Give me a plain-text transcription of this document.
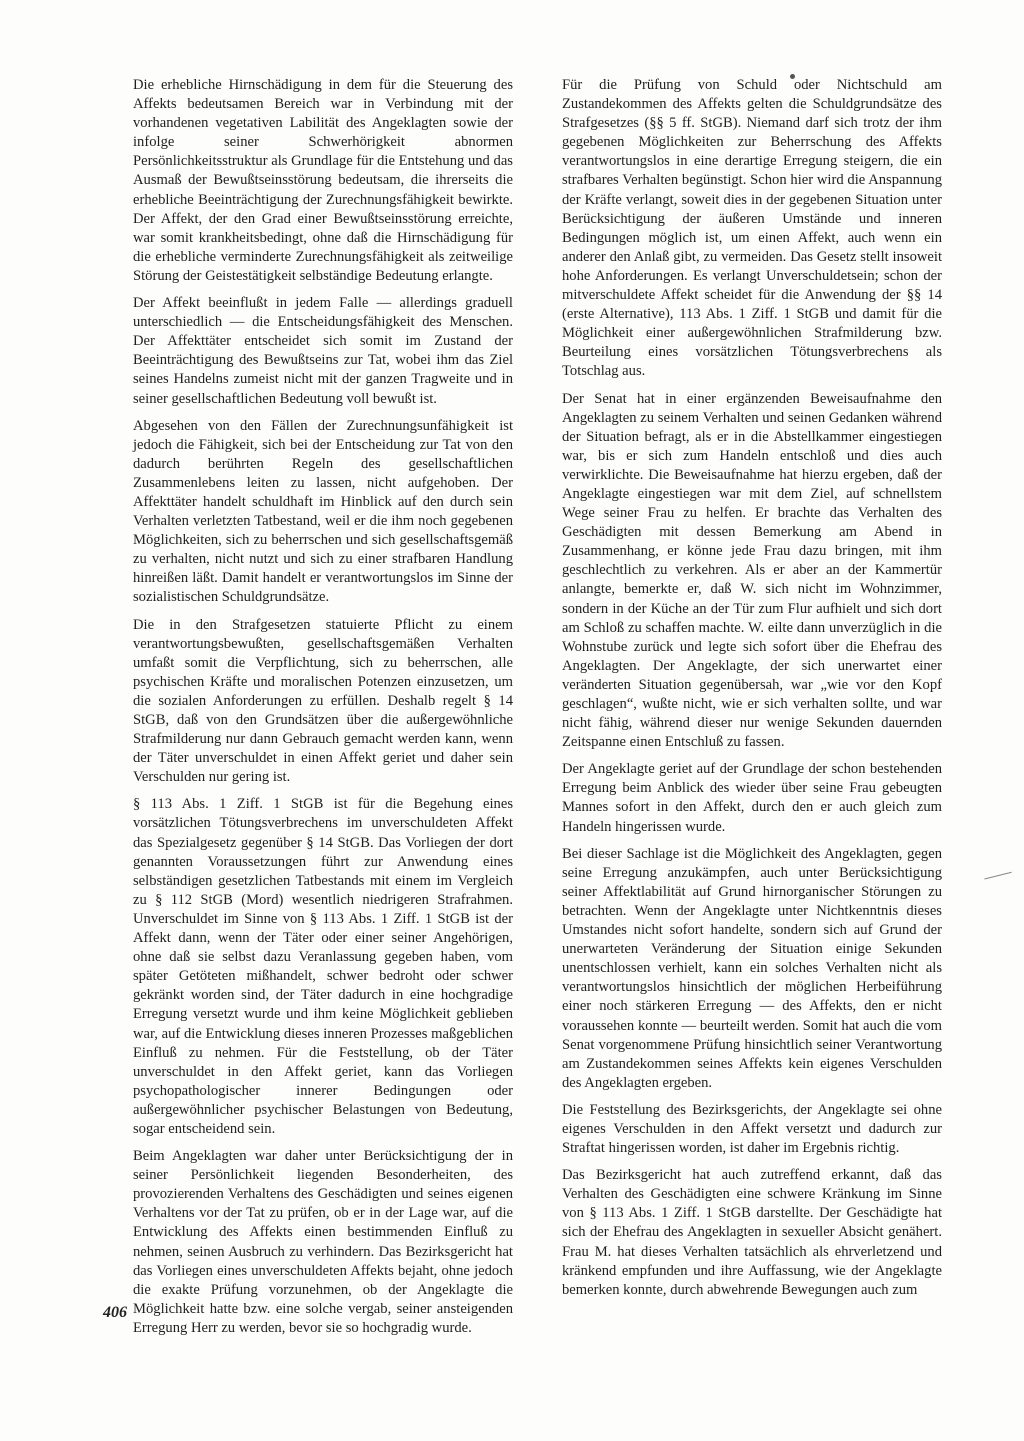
Die erhebliche Hirnschädigung in dem für die Steuerung des Affekts bedeutsamen Bereich war in Verbindung mit der vorhandenen vegetativen Labilität des Angeklagten sowie der infolge seiner Schwerhörigkeit abnormen Persönlichkeitsstruktur als Grundlage für die Entstehung und das Ausmaß der Bewußtseinsstörung bedeutsam, die ihrerseits die erhebliche Beeinträchtigung der Zurechnungsfähigkeit bewirkte. Der Affekt, der den Grad einer Bewußtseinsstörung erreichte, war somit krankheitsbedingt, ohne daß die Hirnschädigung für die erhebliche verminderte Zurechnungsfähigkeit als zeitweilige Störung der Geistestätigkeit selbständige Bedeutung erlangte.

Der Affekt beeinflußt in jedem Falle — allerdings graduell unterschiedlich — die Entscheidungsfähigkeit des Menschen. Der Affekttäter entscheidet sich somit im Zustand der Beeinträchtigung des Bewußtseins zur Tat, wobei ihm das Ziel seines Handelns zumeist nicht mit der ganzen Tragweite und in seiner gesellschaftlichen Bedeutung voll bewußt ist.

Abgesehen von den Fällen der Zurechnungsunfähigkeit ist jedoch die Fähigkeit, sich bei der Entscheidung zur Tat von den dadurch berührten Regeln des gesellschaftlichen Zusammenlebens leiten zu lassen, nicht aufgehoben. Der Affekttäter handelt schuldhaft im Hinblick auf den durch sein Verhalten verletzten Tatbestand, weil er die ihm noch gegebenen Möglichkeiten, sich zu beherrschen und sich gesellschaftsgemäß zu verhalten, nicht nutzt und sich zu einer strafbaren Handlung hinreißen läßt. Damit handelt er verantwortungslos im Sinne der sozialistischen Schuldgrundsätze.

Die in den Strafgesetzen statuierte Pflicht zu einem verantwortungsbewußten, gesellschaftsgemäßen Verhalten umfaßt somit die Verpflichtung, sich zu beherrschen, alle psychischen Kräfte und moralischen Potenzen einzusetzen, um die sozialen Anforderungen zu erfüllen. Deshalb regelt § 14 StGB, daß von den Grundsätzen über die außergewöhnliche Strafmilderung nur dann Gebrauch gemacht werden kann, wenn der Täter unverschuldet in einen Affekt geriet und daher sein Verschulden nur gering ist.

§ 113 Abs. 1 Ziff. 1 StGB ist für die Begehung eines vorsätzlichen Tötungsverbrechens im unverschuldeten Affekt das Spezialgesetz gegenüber § 14 StGB. Das Vorliegen der dort genannten Voraussetzungen führt zur Anwendung eines selbständigen gesetzlichen Tatbestands mit einem im Vergleich zu § 112 StGB (Mord) wesentlich niedrigeren Strafrahmen. Unverschuldet im Sinne von § 113 Abs. 1 Ziff. 1 StGB ist der Affekt dann, wenn der Täter oder einer seiner Angehörigen, ohne daß sie selbst dazu Veranlassung gegeben haben, vom später Getöteten mißhandelt, schwer bedroht oder schwer gekränkt worden sind, der Täter dadurch in eine hochgradige Erregung versetzt wurde und ihm keine Möglichkeit geblieben war, auf die Entwicklung dieses inneren Prozesses maßgeblichen Einfluß zu nehmen. Für die Feststellung, ob der Täter unverschuldet in den Affekt geriet, kann das Vorliegen psychopathologischer innerer Bedingungen oder außergewöhnlicher psychischer Belastungen von Bedeutung, sogar entscheidend sein.

Beim Angeklagten war daher unter Berücksichtigung der in seiner Persönlichkeit liegenden Besonderheiten, des provozierenden Verhaltens des Geschädigten und seines eigenen Verhaltens vor der Tat zu prüfen, ob er in der Lage war, auf die Entwicklung des Affekts einen bestimmenden Einfluß zu nehmen, seinen Ausbruch zu verhindern. Das Bezirksgericht hat das Vorliegen eines unverschuldeten Affekts bejaht, ohne jedoch die exakte Prüfung vorzunehmen, ob der Angeklagte die Möglichkeit hatte bzw. eine solche vergab, seiner ansteigenden Erregung Herr zu werden, bevor sie so hochgradig wurde.

Für die Prüfung von Schuld oder Nichtschuld am Zustandekommen des Affekts gelten die Schuldgrundsätze des Strafgesetzes (§§ 5 ff. StGB). Niemand darf sich trotz der ihm gegebenen Möglichkeiten zur Beherrschung des Affekts verantwortungslos in eine derartige Erregung steigern, die ein strafbares Verhalten begünstigt. Schon hier wird die Anspannung der Kräfte verlangt, soweit dies in der gegebenen Situation unter Berücksichtigung der äußeren Umstände und inneren Bedingungen möglich ist, um einen Affekt, auch wenn ein anderer den Anlaß gibt, zu vermeiden. Das Gesetz stellt insoweit hohe Anforderungen. Es verlangt Unverschuldetsein; schon der mitverschuldete Affekt scheidet für die Anwendung der §§ 14 (erste Alternative), 113 Abs. 1 Ziff. 1 StGB und damit für die Möglichkeit einer außergewöhnlichen Strafmilderung bzw. Beurteilung eines vorsätzlichen Tötungsverbrechens als Totschlag aus.

Der Senat hat in einer ergänzenden Beweisaufnahme den Angeklagten zu seinem Verhalten und seinen Gedanken während der Situation befragt, als er in die Abstellkammer eingestiegen war, bis er sich zum Handeln entschloß und dies auch verwirklichte. Die Beweisaufnahme hat hierzu ergeben, daß der Angeklagte eingestiegen war mit dem Ziel, auf schnellstem Wege seiner Frau zu helfen. Er brachte das Verhalten des Geschädigten mit dessen Bemerkung am Abend in Zusammenhang, er könne jede Frau dazu bringen, mit ihm geschlechtlich zu verkehren. Als er aber an der Kammertür anlangte, bemerkte er, daß W. sich nicht im Wohnzimmer, sondern in der Küche an der Tür zum Flur aufhielt und sich dort am Schloß zu schaffen machte. W. eilte dann unverzüglich in die Wohnstube zurück und legte sich sofort über die Ehefrau des Angeklagten. Der Angeklagte, der sich unerwartet einer veränderten Situation gegenübersah, war „wie vor den Kopf geschlagen“, wußte nicht, wie er sich verhalten sollte, und war nicht fähig, während dieser nur wenige Sekunden dauernden Zeitspanne einen Entschluß zu fassen.

Der Angeklagte geriet auf der Grundlage der schon bestehenden Erregung beim Anblick des wieder über seine Frau gebeugten Mannes sofort in den Affekt, durch den er auch gleich zum Handeln hingerissen wurde.

Bei dieser Sachlage ist die Möglichkeit des Angeklagten, gegen seine Erregung anzukämpfen, auch unter Berücksichtigung seiner Affektlabilität auf Grund hirnorganischer Störungen zu betrachten. Wenn der Angeklagte unter Nichtkenntnis dieses Umstandes nicht sofort handelte, sondern sich auf Grund der unerwarteten Veränderung der Situation einige Sekunden unentschlossen verhielt, kann ein solches Verhalten nicht als verantwortungslos hinsichtlich der möglichen Herbeiführung einer noch stärkeren Erregung — des Affekts, den er nicht voraussehen konnte — beurteilt werden. Somit hat auch die vom Senat vorgenommene Prüfung hinsichtlich seiner Verantwortung am Zustandekommen seines Affekts kein eigenes Verschulden des Angeklagten ergeben.

Die Feststellung des Bezirksgerichts, der Angeklagte sei ohne eigenes Verschulden in den Affekt versetzt und dadurch zur Straftat hingerissen worden, ist daher im Ergebnis richtig.

Das Bezirksgericht hat auch zutreffend erkannt, daß das Verhalten des Geschädigten eine schwere Kränkung im Sinne von § 113 Abs. 1 Ziff. 1 StGB darstellte. Der Geschädigte hat sich der Ehefrau des Angeklagten in sexueller Absicht genähert. Frau M. hat dieses Verhalten tatsächlich als ehrverletzend und kränkend empfunden und ihre Auffassung, wie der Angeklagte bemerken konnte, durch abwehrende Bewegungen auch zum

406
